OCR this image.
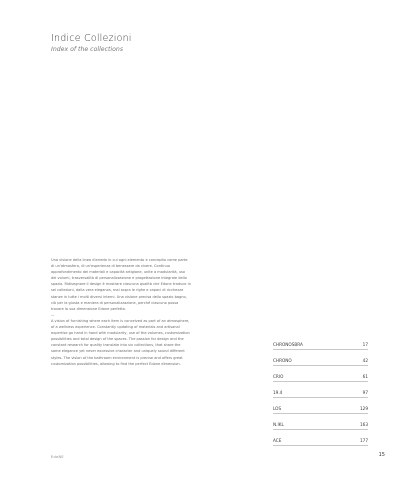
Indice Collezioni
Index of the collections

Una visione della linea d'arredo in cui ogni elemento e concepito come parte di un'atmosfera, di un'esperienza di benessere da vivere. Continuo approfondimento dei materiali e capacità artigiane, unite a modularità, uso dei volumi, trasversalità di personalizzazione e progettazione integrale dello spazio. Ridisegnare il design è mostrare ciascuna qualità che Edone traduce in sei collezioni, dalla vera eleganza, mai sopra le righe e capaci di ricchezze stanze in tutte i molti diversi interni. Una visione precisa dello spazio bagno, ciò per la giusta e maniera di personalizzazione, perché ciascuno possa trovare la sua dimensione Edone perfetta.

—

A vision of furnishing where each item is conceived as part of an atmosphere, of a wellness experience. Constantly updating of materials and artisanal expertise go hand in hand with modularity, use of the volumes, customization possibilities and total design of the spaces. The passion for design and the constant research for quality translate into six collections, that share the same elegance yet never excessive character and uniquely sound different styles. The vision of the bathroom environment is precise and offers great customization possibilities, allowing to find the perfect Edone dimension.

CHRONOSBRA	17
CHRONO	42
CRIO	61
19.4	97
LOS	129
N.IKL	163
ACE	177
EdoNE	15
